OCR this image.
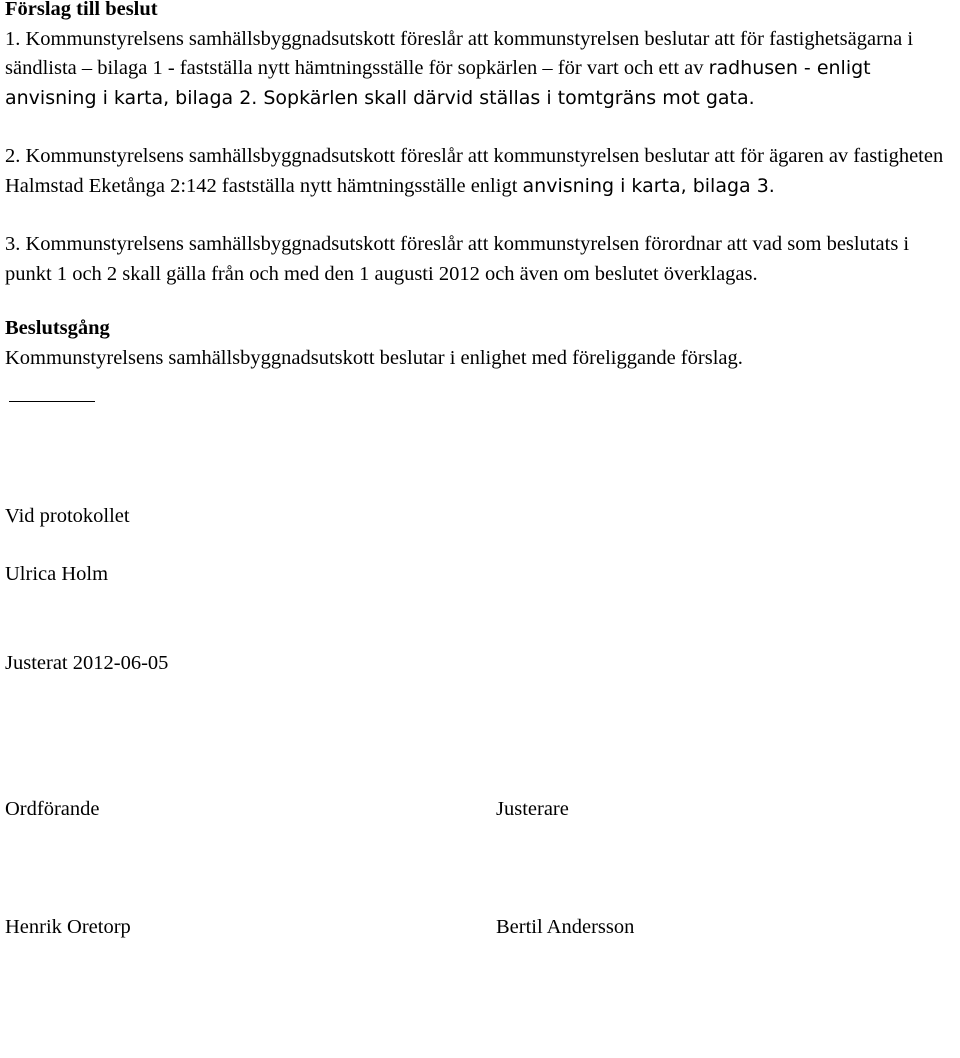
Förslag till beslut

1. Kommunstyrelsens samhällsbyggnadsutskott föreslår att kommunstyrelsen beslutar att för fastighetsägarna i sändlista – bilaga 1 - fastställa nytt hämtningsställe för sopkärlen – för vart och ett av radhusen - enligt anvisning i karta, bilaga 2. Sopkärlen skall därvid ställas i tomtgräns mot gata.

2. Kommunstyrelsens samhällsbyggnadsutskott föreslår att kommunstyrelsen beslutar att för ägaren av fastigheten Halmstad Eketånga 2:142 fastställa nytt hämtningsställe enligt anvisning i karta, bilaga 3.

3. Kommunstyrelsens samhällsbyggnadsutskott föreslår att kommunstyrelsen förordnar att vad som beslutats i punkt 1 och 2 skall gälla från och med den 1 augusti 2012 och även om beslutet överklagas.

Beslutsgång

Kommunstyrelsens samhällsbyggnadsutskott beslutar i enlighet med föreliggande förslag.

Vid protokollet

Ulrica Holm

Justerat 2012-06-05

Ordförande	Justerare
Henrik Oretorp	Bertil Andersson
